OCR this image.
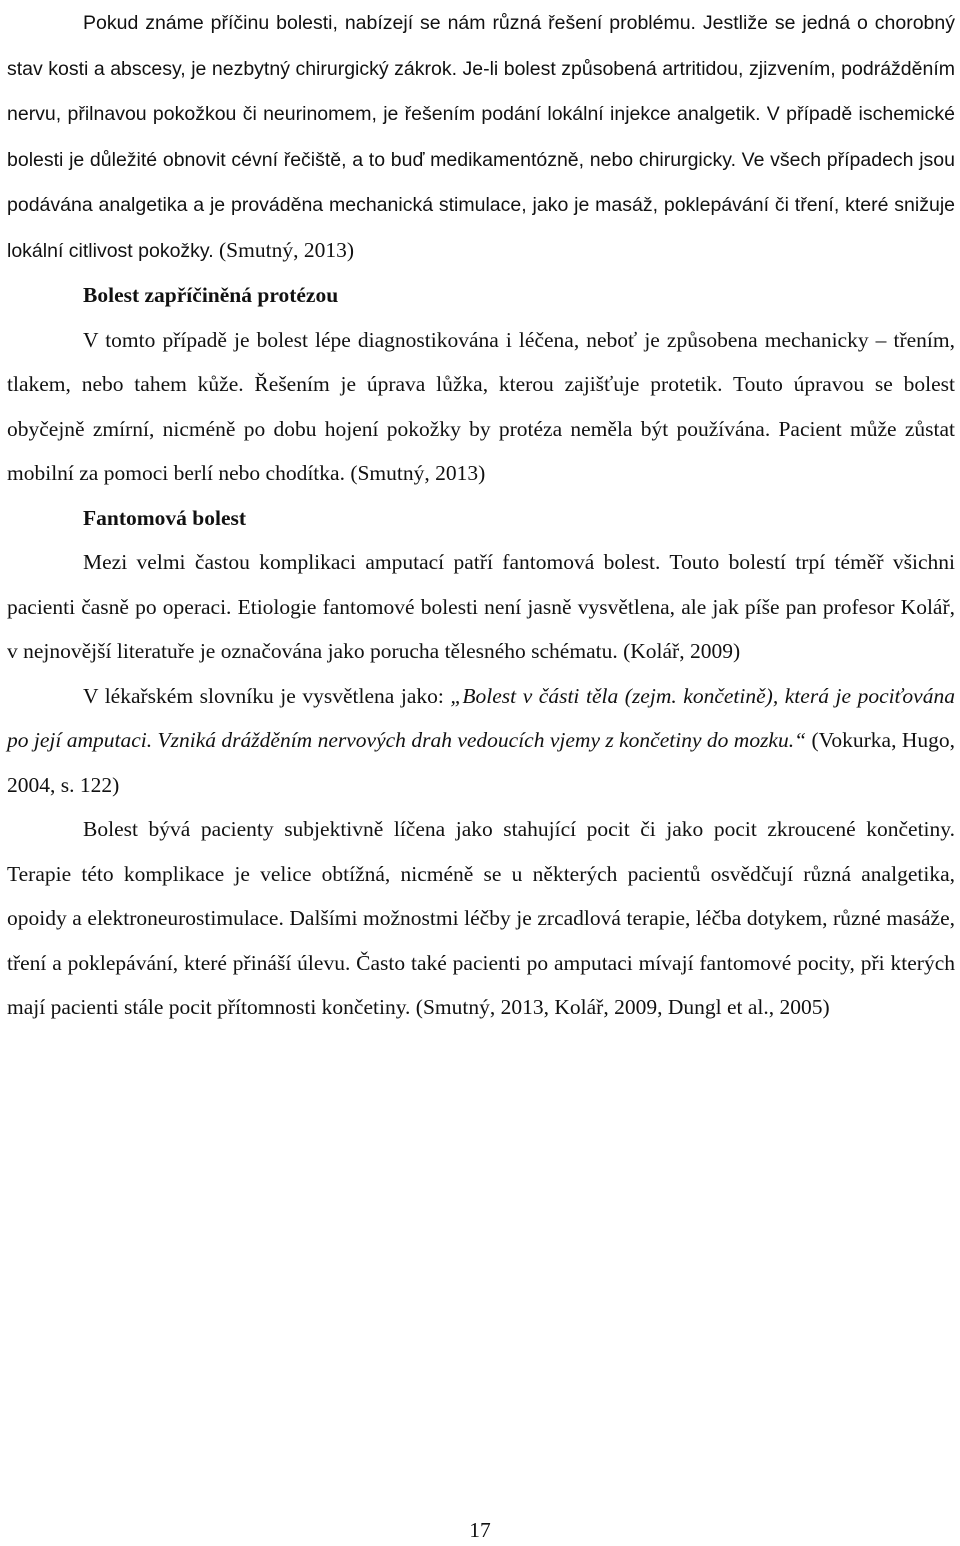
Pokud známe příčinu bolesti, nabízejí se nám různá řešení problému. Jestliže se jedná o chorobný stav kosti a abscesy, je nezbytný chirurgický zákrok. Je-li bolest způsobená artritidou, zjizvením, podrážděním nervu, přilnavou pokožkou či neurinomem, je řešením podání lokální injekce analgetik. V případě ischemické bolesti je důležité obnovit cévní řečiště, a to buď medikamentózně, nebo chirurgicky. Ve všech případech jsou podávána analgetika a je prováděna mechanická stimulace, jako je masáž, poklepávání či tření, které snižuje lokální citlivost pokožky. (Smutný, 2013)

Bolest zapříčiněná protézou

V tomto případě je bolest lépe diagnostikována i léčena, neboť je způsobena mechanicky – třením, tlakem, nebo tahem kůže. Řešením je úprava lůžka, kterou zajišťuje protetik. Touto úpravou se bolest obyčejně zmírní, nicméně po dobu hojení pokožky by protéza neměla být používána. Pacient může zůstat mobilní za pomoci berlí nebo chodítka. (Smutný, 2013)

Fantomová bolest

Mezi velmi častou komplikaci amputací patří fantomová bolest. Touto bolestí trpí téměř všichni pacienti časně po operaci. Etiologie fantomové bolesti není jasně vysvětlena, ale jak píše pan profesor Kolář, v nejnovější literatuře je označována jako porucha tělesného schématu. (Kolář, 2009)

V lékařském slovníku je vysvětlena jako: „Bolest v části těla (zejm. končetině), která je pociťována po její amputaci. Vzniká drážděním nervových drah vedoucích vjemy z končetiny do mozku.“ (Vokurka, Hugo, 2004, s. 122)

Bolest bývá pacienty subjektivně líčena jako stahující pocit či jako pocit zkroucené končetiny. Terapie této komplikace je velice obtížná, nicméně se u některých pacientů osvědčují různá analgetika, opoidy a elektroneurostimulace. Dalšími možnostmi léčby je zrcadlová terapie, léčba dotykem, různé masáže, tření a poklepávání, které přináší úlevu. Často také pacienti po amputaci mívají fantomové pocity, při kterých mají pacienti stále pocit přítomnosti končetiny. (Smutný, 2013, Kolář, 2009, Dungl et al., 2005)

17
